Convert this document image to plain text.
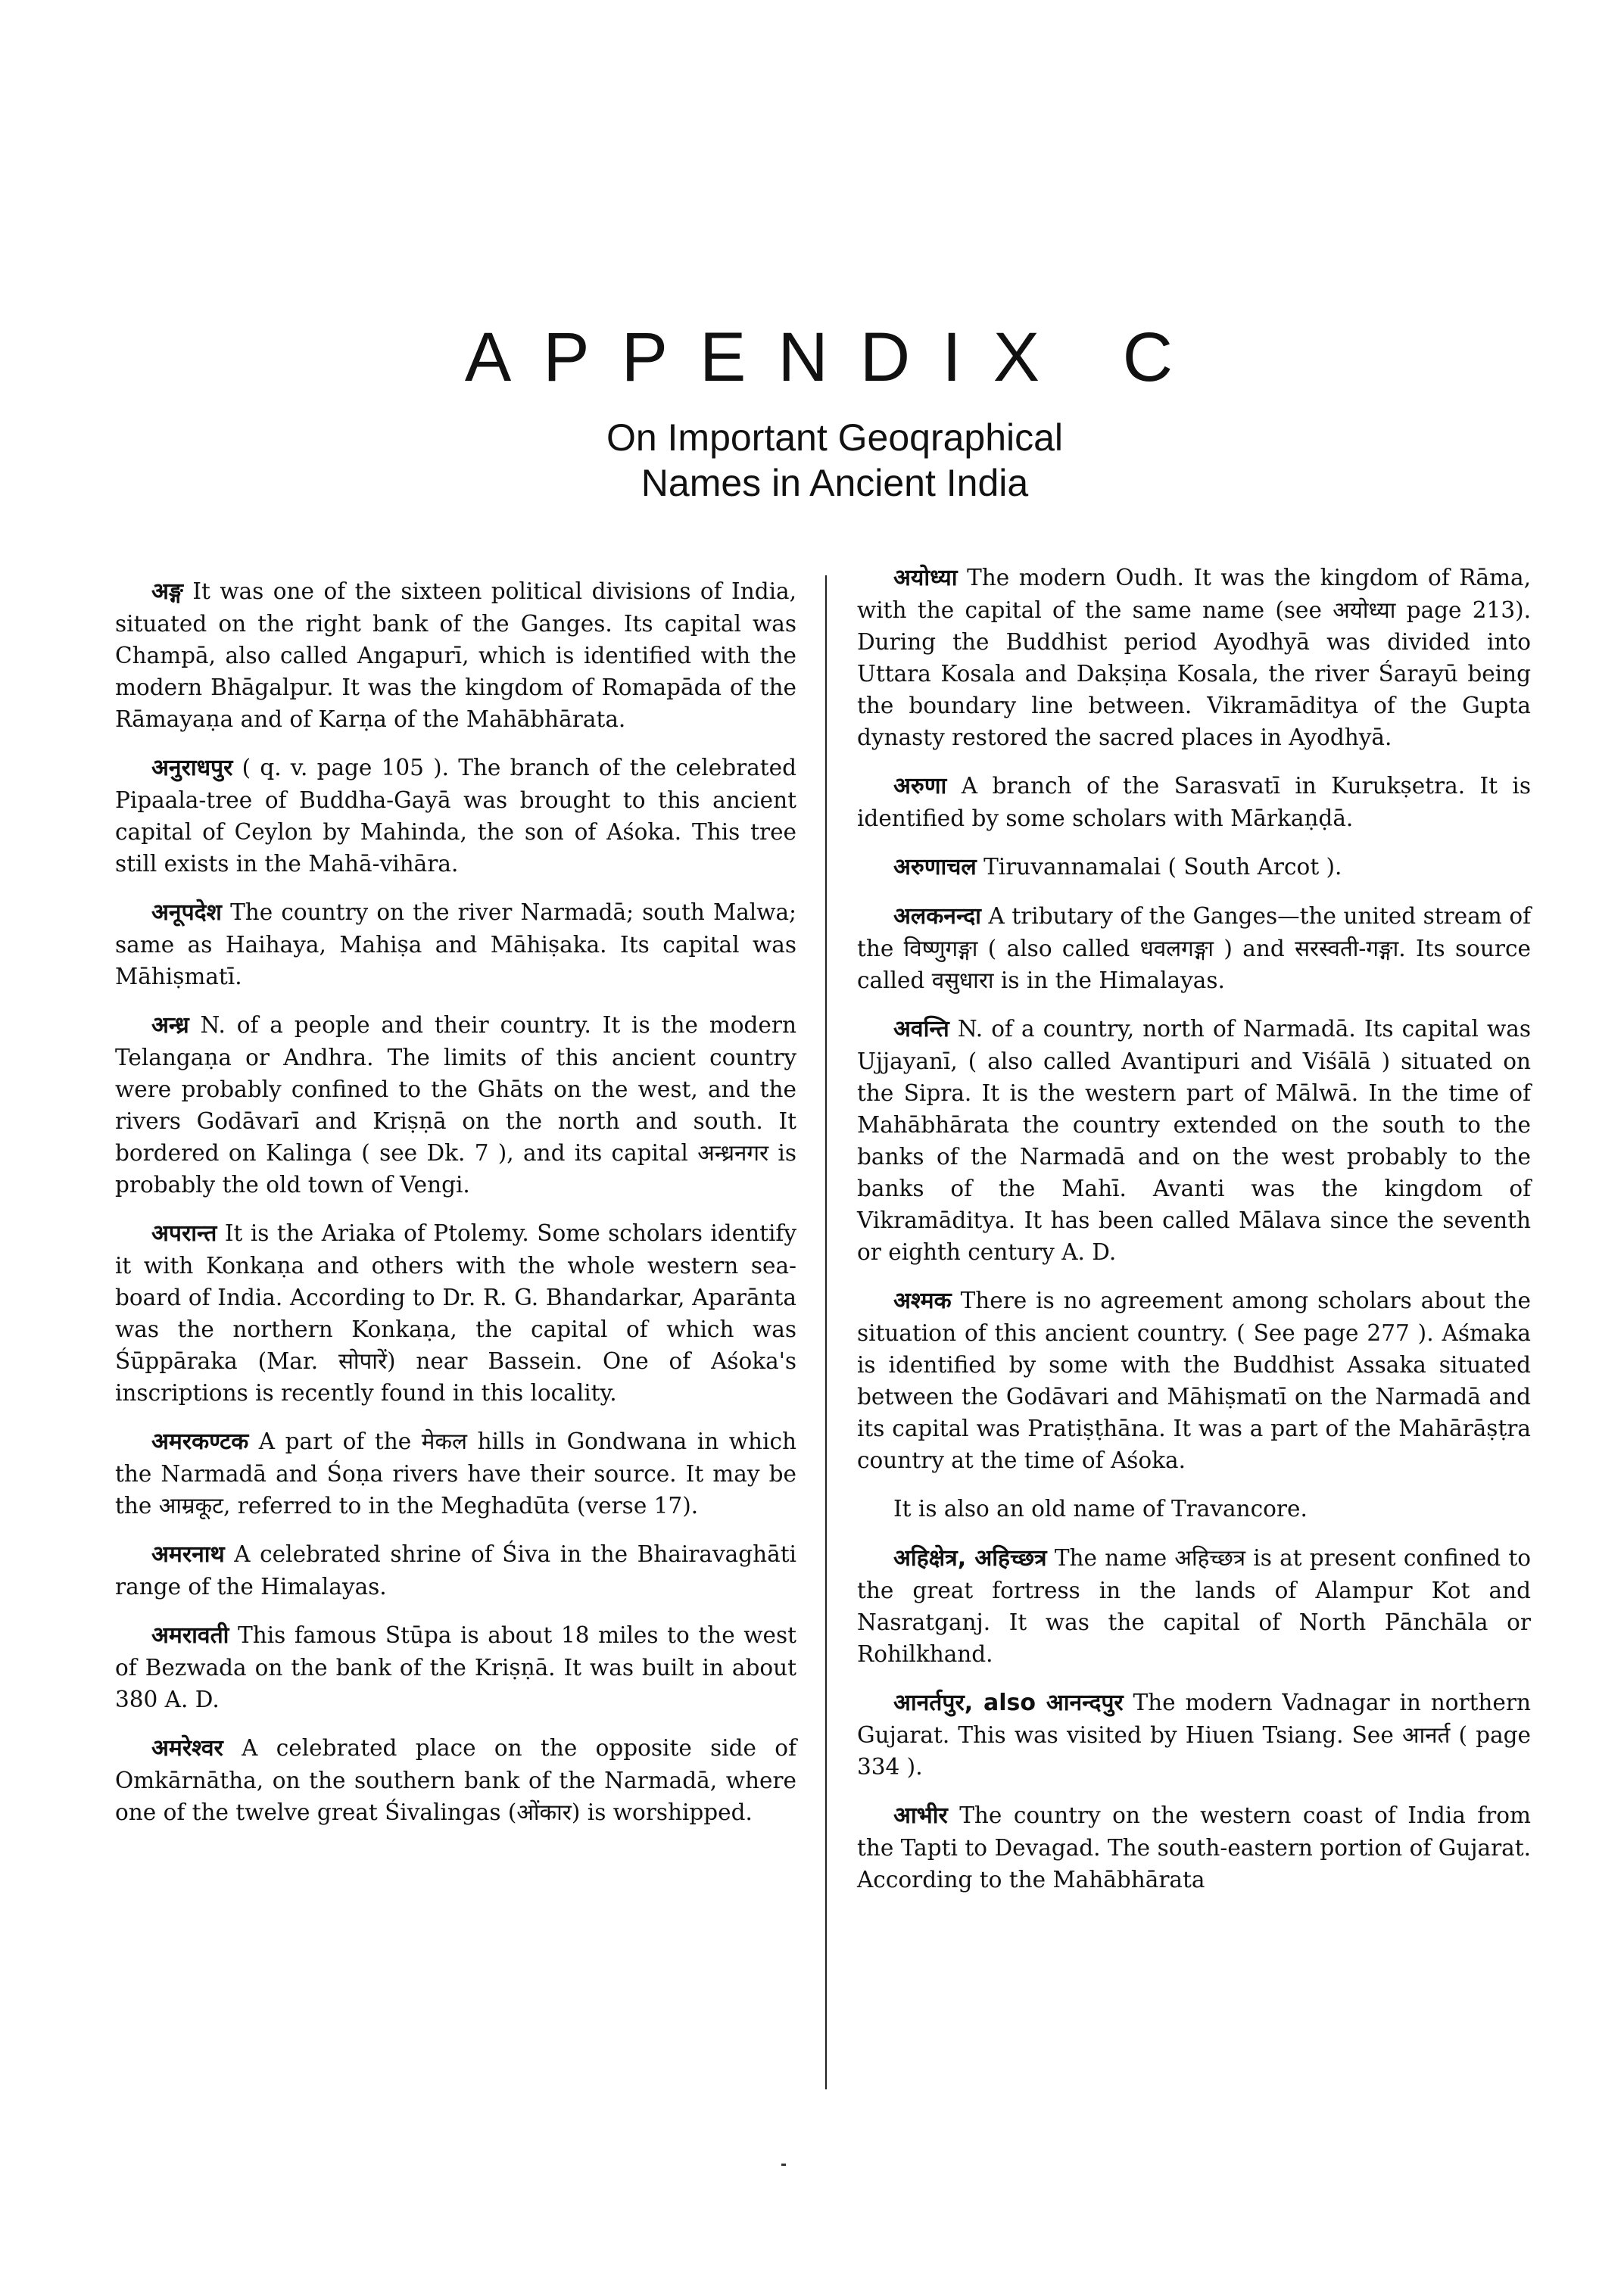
APPENDIX C
On Important Geoqraphical
Names in Ancient India

अङ्ग It was one of the sixteen political divisions of India, situated on the right bank of the Ganges. Its capital was Champā, also called Angapurī, which is identified with the modern Bhāgalpur. It was the kingdom of Romapāda of the Rāmayaṇa and of Karṇa of the Mahābhārata.

अनुराधपुर ( q. v. page 105 ). The branch of the celebrated Pipaala-tree of Buddha-Gayā was brought to this ancient capital of Ceylon by Mahinda, the son of Aśoka. This tree still exists in the Mahā-vihāra.

अनूपदेश The country on the river Narmadā; south Malwa; same as Haihaya, Mahiṣa and Māhiṣaka. Its capital was Māhiṣmatī.

अन्ध्र N. of a people and their country. It is the modern Telangaṇa or Andhra. The limits of this ancient country were probably confined to the Ghāts on the west, and the rivers Godāvarī and Kriṣṇā on the north and south. It bordered on Kalinga ( see Dk. 7 ), and its capital अन्ध्रनगर is probably the old town of Vengi.

अपरान्त It is the Ariaka of Ptolemy. Some scholars identify it with Konkaṇa and others with the whole western sea-board of India. According to Dr. R. G. Bhandarkar, Aparānta was the northern Konkaṇa, the capital of which was Śūppāraka (Mar. सोपारें) near Bassein. One of Aśoka's inscriptions is recently found in this locality.

अमरकण्टक A part of the मेकल hills in Gondwana in which the Narmadā and Śoṇa rivers have their source. It may be the आम्रकूट, referred to in the Meghadūta (verse 17).

अमरनाथ A celebrated shrine of Śiva in the Bhairavaghāti range of the Himalayas.

अमरावती This famous Stūpa is about 18 miles to the west of Bezwada on the bank of the Kriṣṇā. It was built in about 380 A. D.

अमरेश्वर A celebrated place on the opposite side of Omkārnātha, on the southern bank of the Narmadā, where one of the twelve great Śivalingas (ओंकार) is worshipped.

अयोध्या The modern Oudh. It was the kingdom of Rāma, with the capital of the same name (see अयोध्या page 213). During the Buddhist period Ayodhyā was divided into Uttara Kosala and Dakṣiṇa Kosala, the river Śarayū being the boundary line between. Vikramāditya of the Gupta dynasty restored the sacred places in Ayodhyā.

अरुणा A branch of the Sarasvatī in Kurukṣetra. It is identified by some scholars with Mārkaṇḍā.

अरुणाचल Tiruvannamalai ( South Arcot ).

अलकनन्दा A tributary of the Ganges—the united stream of the विष्णुगङ्गा ( also called धवलगङ्गा ) and सरस्वती-गङ्गा. Its source called वसुधारा is in the Himalayas.

अवन्ति N. of a country, north of Narmadā. Its capital was Ujjayanī, ( also called Avantipuri and Viśālā ) situated on the Sipra. It is the western part of Mālwā. In the time of Mahābhārata the country extended on the south to the banks of the Narmadā and on the west probably to the banks of the Mahī. Avanti was the kingdom of Vikramāditya. It has been called Mālava since the seventh or eighth century A. D.

अश्मक There is no agreement among scholars about the situation of this ancient country. ( See page 277 ). Aśmaka is identified by some with the Buddhist Assaka situated between the Godāvari and Māhiṣmatī on the Narmadā and its capital was Pratiṣṭhāna. It was a part of the Mahārāṣṭra country at the time of Aśoka.

It is also an old name of Travancore.

अहिक्षेत्र, अहिच्छत्र The name अहिच्छत्र is at present confined to the great fortress in the lands of Alampur Kot and Nasratganj. It was the capital of North Pānchāla or Rohilkhand.

आनर्तपुर, also आनन्दपुर The modern Vadnagar in northern Gujarat. This was visited by Hiuen Tsiang. See आनर्त ( page 334 ).

आभीर The country on the western coast of India from the Tapti to Devagad. The south-eastern portion of Gujarat. According to the Mahābhārata
